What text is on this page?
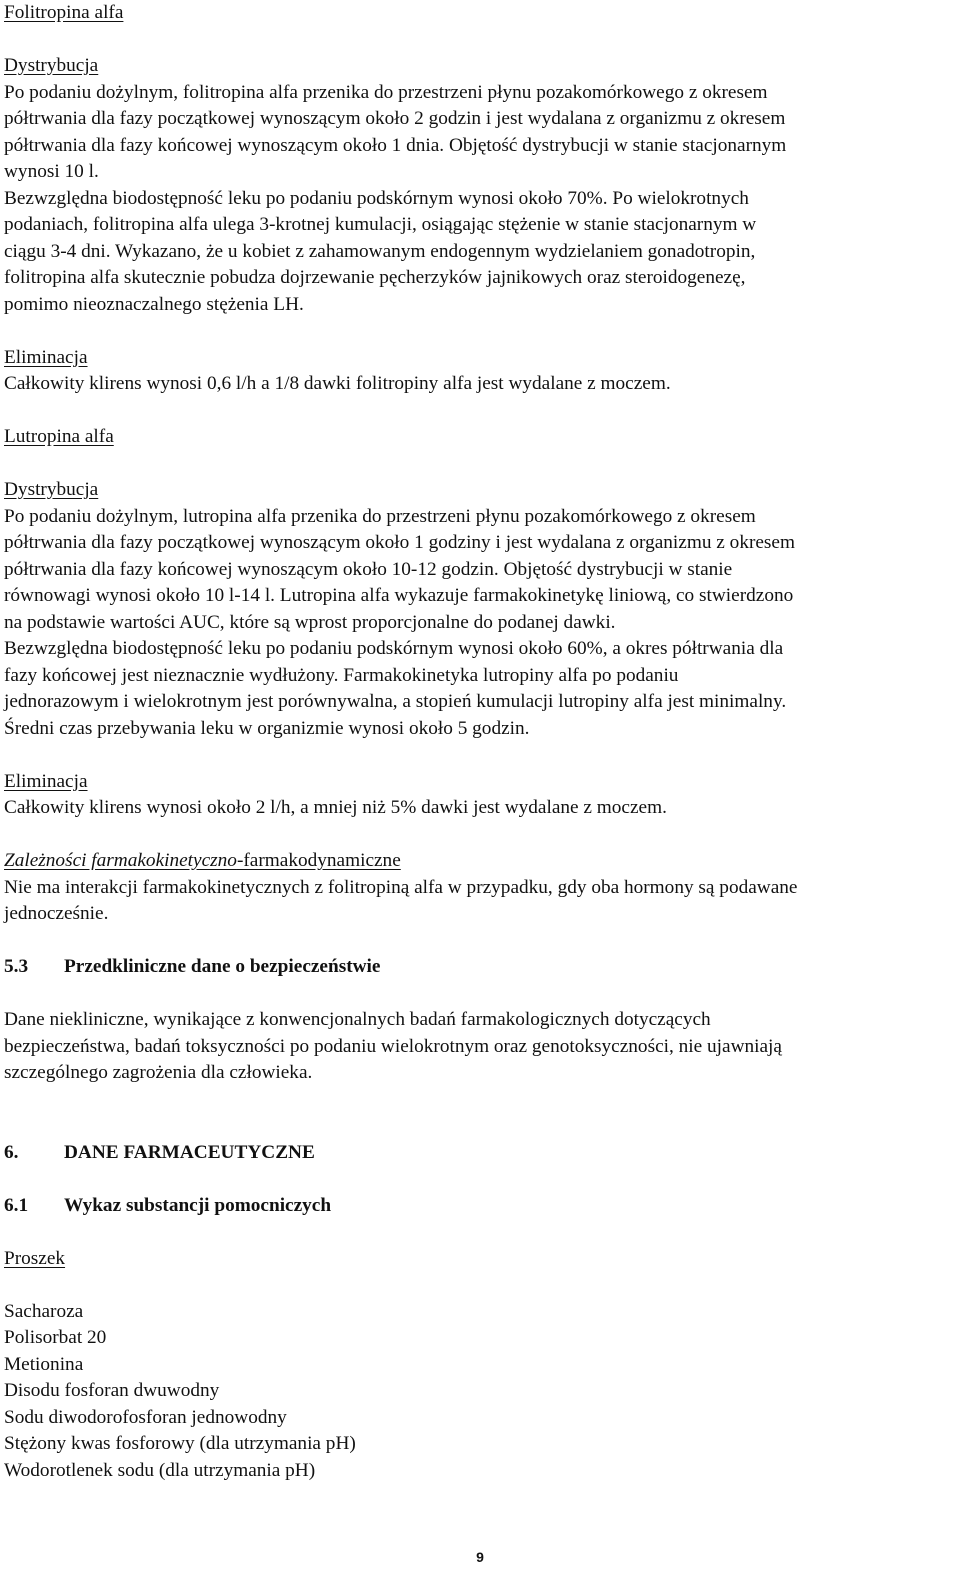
Folitropina alfa
Dystrybucja
Po podaniu dożylnym, folitropina alfa przenika do przestrzeni płynu pozakomórkowego z okresem
półtrwania dla fazy początkowej wynoszącym około 2 godzin i jest wydalana z organizmu z okresem
półtrwania dla fazy końcowej wynoszącym około 1 dnia. Objętość dystrybucji w stanie stacjonarnym
wynosi 10 l.
Bezwzględna biodostępność leku po podaniu podskórnym wynosi około 70%. Po wielokrotnych
podaniach, folitropina alfa ulega 3-krotnej kumulacji, osiągając stężenie w stanie stacjonarnym w
ciągu 3-4 dni. Wykazano, że u kobiet z zahamowanym endogennym wydzielaniem gonadotropin,
folitropina alfa skutecznie pobudza dojrzewanie pęcherzyków jajnikowych oraz steroidogenezę,
pomimo nieoznaczalnego stężenia LH.
Eliminacja
Całkowity klirens wynosi 0,6 l/h a 1/8 dawki folitropiny alfa jest wydalane z moczem.
Lutropina alfa
Dystrybucja
Po podaniu dożylnym, lutropina alfa przenika do przestrzeni płynu pozakomórkowego z okresem
półtrwania dla fazy początkowej wynoszącym około 1 godziny i jest wydalana z organizmu z okresem
półtrwania dla fazy końcowej wynoszącym około 10-12 godzin. Objętość dystrybucji w stanie
równowagi wynosi około 10 l-14 l. Lutropina alfa wykazuje farmakokinetykę liniową, co stwierdzono
na podstawie wartości AUC, które są wprost proporcjonalne do podanej dawki.
Bezwzględna biodostępność leku po podaniu podskórnym wynosi około 60%, a okres półtrwania dla
fazy końcowej jest nieznacznie wydłużony. Farmakokinetyka lutropiny alfa po podaniu
jednorazowym i wielokrotnym jest porównywalna, a stopień kumulacji lutropiny alfa jest minimalny.
Średni czas przebywania leku w organizmie wynosi około 5 godzin.
Eliminacja
Całkowity klirens wynosi około 2 l/h, a mniej niż 5% dawki jest wydalane z moczem.
Zależności farmakokinetyczno-farmakodynamiczne
Nie ma interakcji farmakokinetycznych z folitropiną alfa w przypadku, gdy oba hormony są podawane
jednocześnie.
5.3 Przedkliniczne dane o bezpieczeństwie
Dane niekliniczne, wynikające z konwencjonalnych badań farmakologicznych dotyczących
bezpieczeństwa, badań toksyczności po podaniu wielokrotnym oraz genotoksyczności, nie ujawniają
szczególnego zagrożenia dla człowieka.
6. DANE FARMACEUTYCZNE
6.1 Wykaz substancji pomocniczych
Proszek
Sacharoza
Polisorbat 20
Metionina
Disodu fosforan dwuwodny
Sodu diwodorofosforan jednowodny
Stężony kwas fosforowy (dla utrzymania pH)
Wodorotlenek sodu (dla utrzymania pH)
9
